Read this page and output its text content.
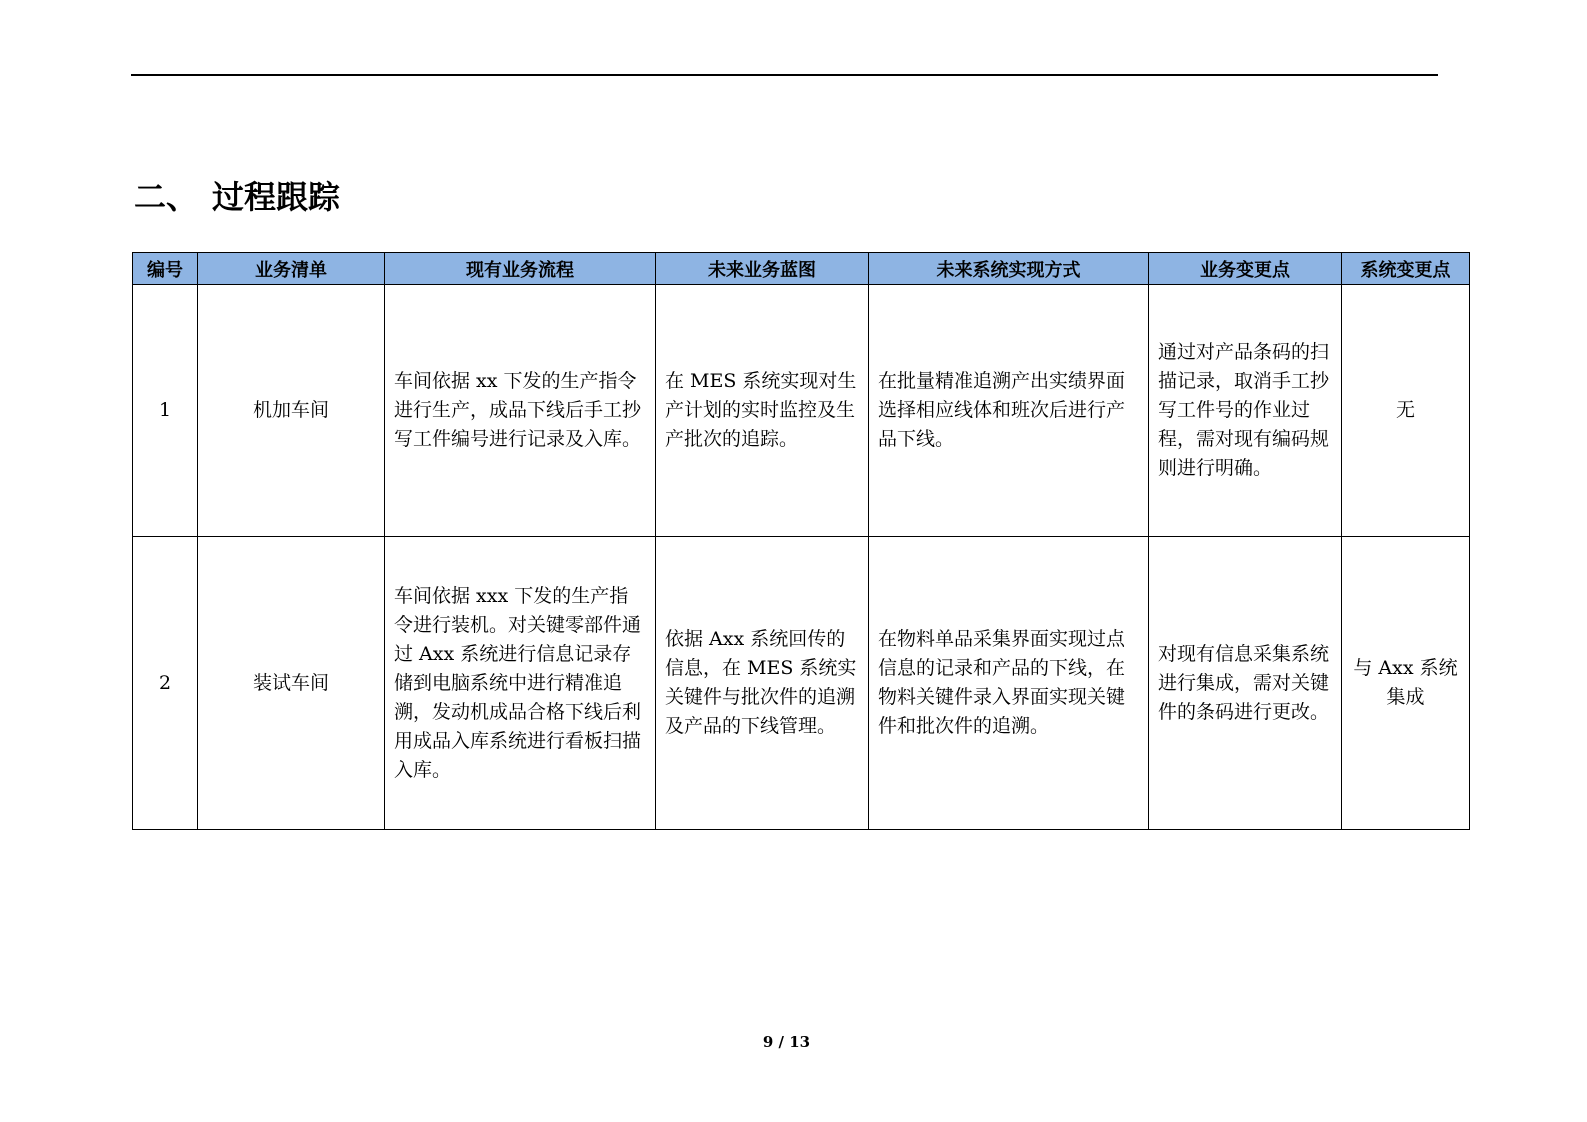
二、 过程跟踪
编号	业务清单	现有业务流程	未来业务蓝图	未来系统实现方式	业务变更点	系统变更点
1	机加车间	车间依据 xx 下发的生产指令进行生产，成品下线后手工抄写工件编号进行记录及入库。	在 MES 系统实现对生产计划的实时监控及生产批次的追踪。	在批量精准追溯产出实绩界面选择相应线体和班次后进行产品下线。	通过对产品条码的扫描记录，取消手工抄写工件号的作业过程，需对现有编码规则进行明确。	无
2	装试车间	车间依据 xxx 下发的生产指令进行装机。对关键零部件通过 Axx 系统进行信息记录存储到电脑系统中进行精准追溯，发动机成品合格下线后利用成品入库系统进行看板扫描入库。	依据 Axx 系统回传的信息，在 MES 系统实关键件与批次件的追溯及产品的下线管理。	在物料单品采集界面实现过点信息的记录和产品的下线，在物料关键件录入界面实现关键件和批次件的追溯。	对现有信息采集系统进行集成，需对关键件的条码进行更改。	与 Axx 系统集成
9 / 13
